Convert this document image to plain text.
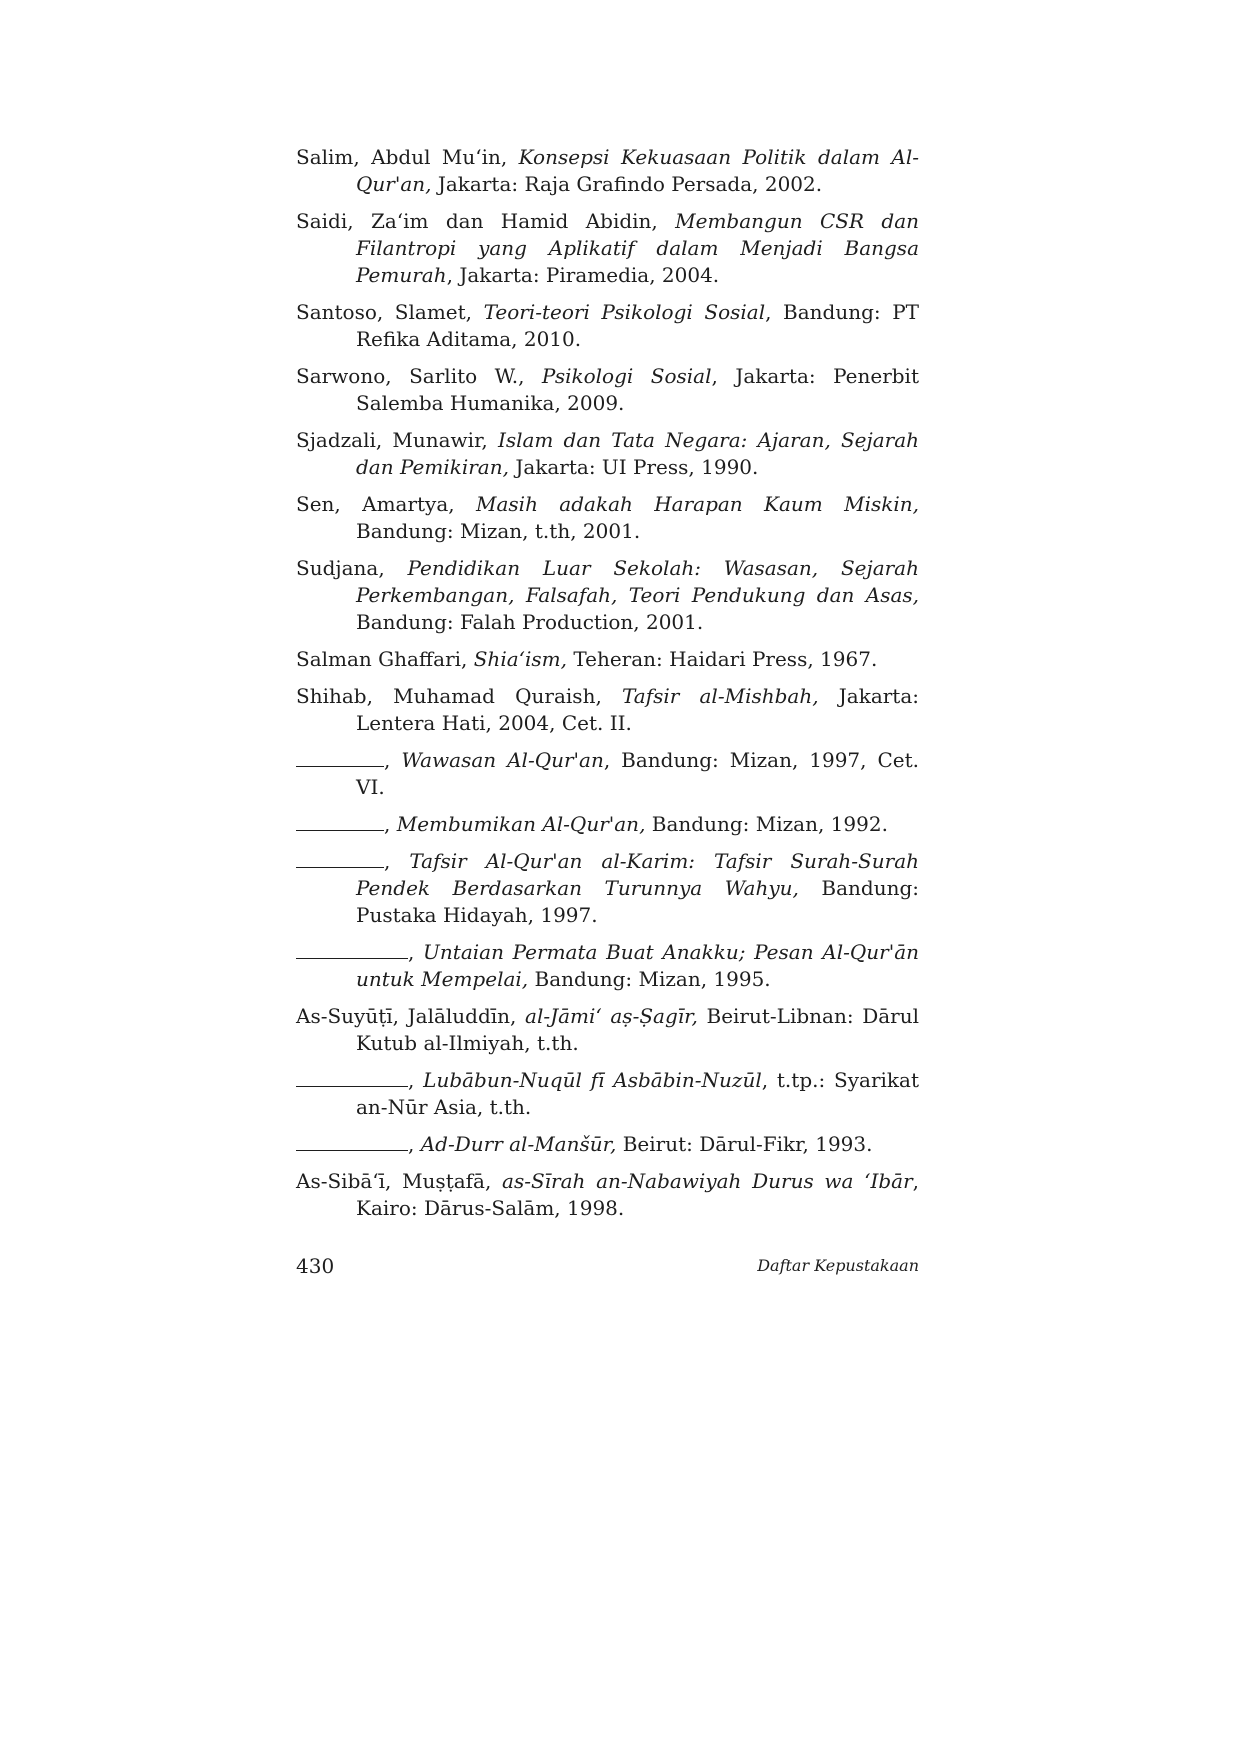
Salim, Abdul Mu‘in, Konsepsi Kekuasaan Politik dalam Al-Qur'an, Jakarta: Raja Grafindo Persada, 2002.

Saidi, Za‘im dan Hamid Abidin, Membangun CSR dan Filantropi yang Aplikatif dalam Menjadi Bangsa Pemurah, Jakarta: Piramedia, 2004.

Santoso, Slamet, Teori-teori Psikologi Sosial, Bandung: PT Refika Aditama, 2010.

Sarwono, Sarlito W., Psikologi Sosial, Jakarta: Penerbit Salemba Humanika, 2009.

Sjadzali, Munawir, Islam dan Tata Negara: Ajaran, Sejarah dan Pemikiran, Jakarta: UI Press, 1990.

Sen, Amartya, Masih adakah Harapan Kaum Miskin, Bandung: Mizan, t.th, 2001.

Sudjana, Pendidikan Luar Sekolah: Wasasan, Sejarah Perkembangan, Falsafah, Teori Pendukung dan Asas, Bandung: Falah Production, 2001.

Salman Ghaffari, Shia‘ism, Teheran: Haidari Press, 1967.

Shihab, Muhamad Quraish, Tafsir al-Mishbah, Jakarta: Lentera Hati, 2004, Cet. II.

, Wawasan Al-Qur'an, Bandung: Mizan, 1997, Cet. VI.

, Membumikan Al-Qur'an, Bandung: Mizan, 1992.

, Tafsir Al-Qur'an al-Karim: Tafsir Surah-Surah Pendek Berdasarkan Turunnya Wahyu, Bandung: Pustaka Hidayah, 1997.

, Untaian Permata Buat Anakku; Pesan Al-Qur'ān untuk Mempelai, Bandung: Mizan, 1995.

As-Suyūṭī, Jalāluddīn, al-Jāmi‘ aṣ-Ṣagīr, Beirut-Libnan: Dārul Kutub al-Ilmiyah, t.th.

, Lubābun-Nuqūl fī Asbābin-Nuzūl, t.tp.: Syarikat an-Nūr Asia, t.th.

, Ad-Durr al-Manšūr, Beirut: Dārul-Fikr, 1993.

As-Sibā‘ī, Muṣṭafā, as-Sīrah an-Nabawiyah Durus wa ‘Ibār, Kairo: Dārus-Salām, 1998.

430	Daftar Kepustakaan
